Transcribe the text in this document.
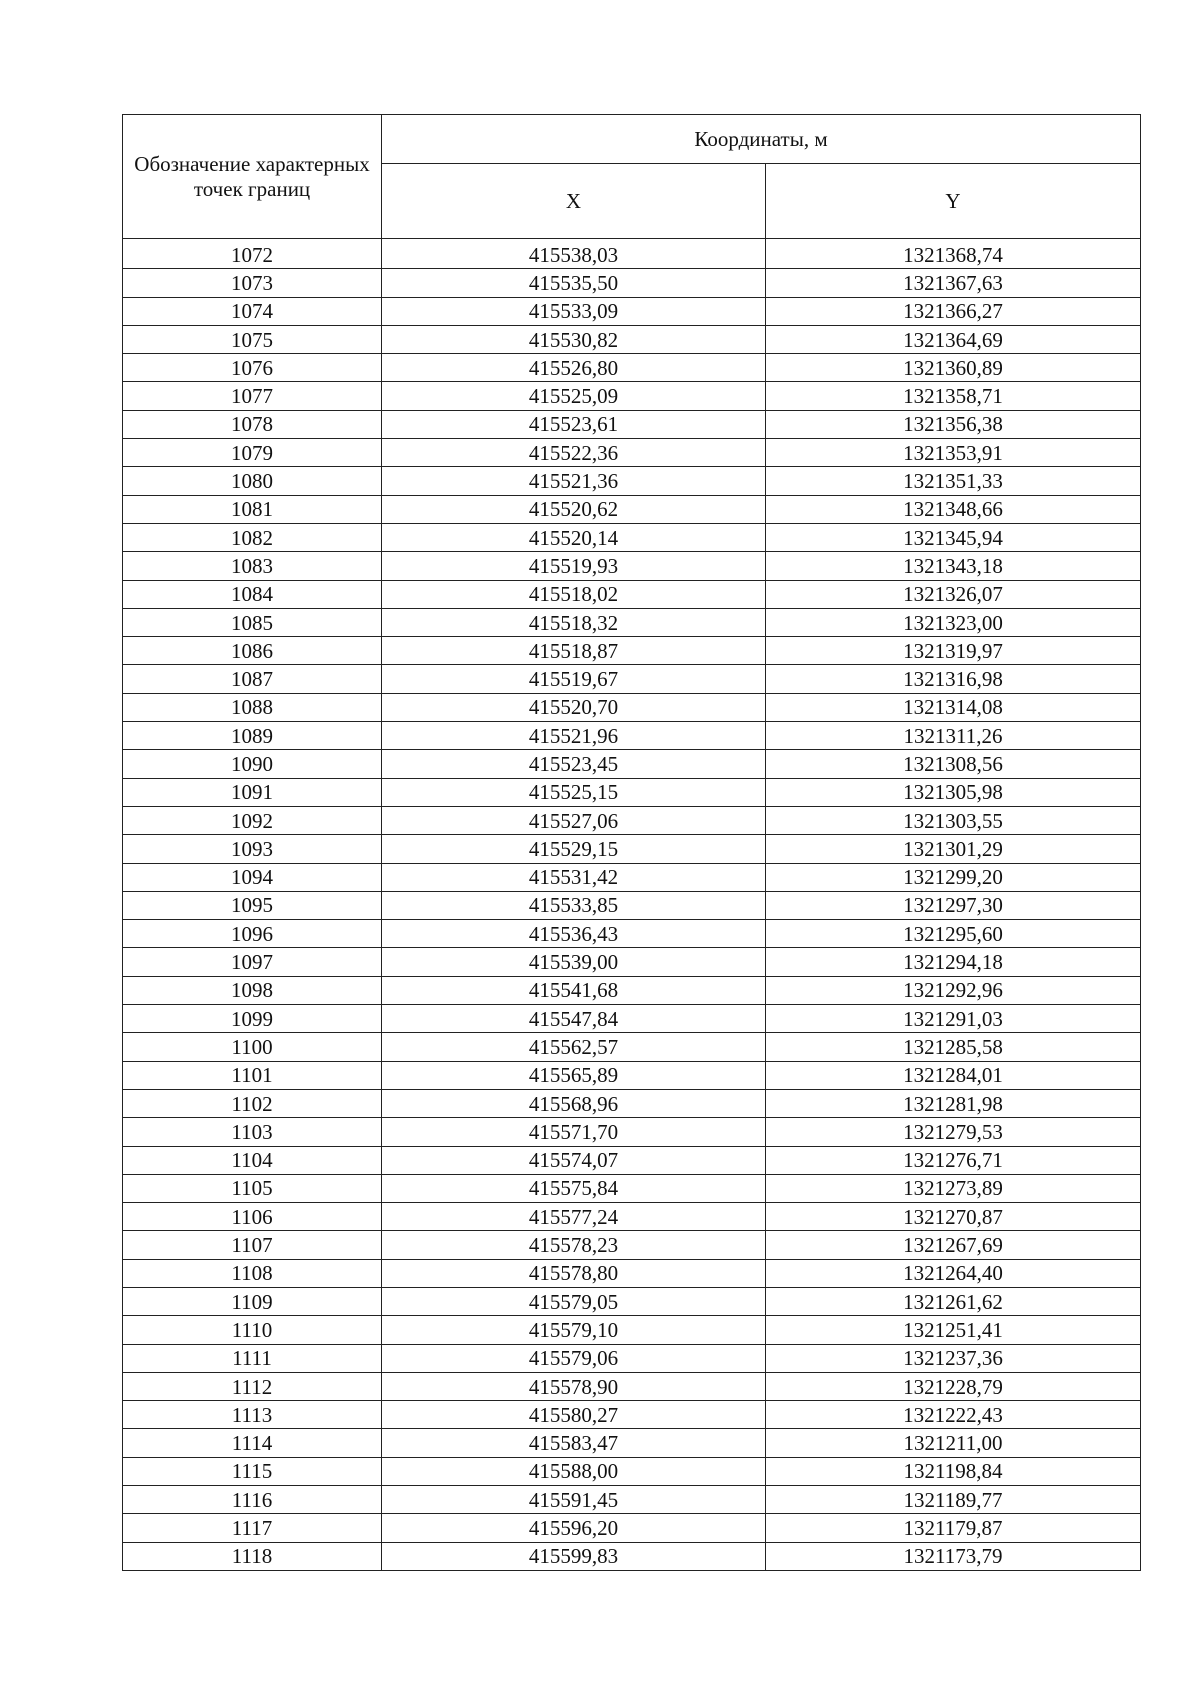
Обозначение характерных точек границ	Координаты, м	
	X	Y
1072	415538,03	1321368,74
1073	415535,50	1321367,63
1074	415533,09	1321366,27
1075	415530,82	1321364,69
1076	415526,80	1321360,89
1077	415525,09	1321358,71
1078	415523,61	1321356,38
1079	415522,36	1321353,91
1080	415521,36	1321351,33
1081	415520,62	1321348,66
1082	415520,14	1321345,94
1083	415519,93	1321343,18
1084	415518,02	1321326,07
1085	415518,32	1321323,00
1086	415518,87	1321319,97
1087	415519,67	1321316,98
1088	415520,70	1321314,08
1089	415521,96	1321311,26
1090	415523,45	1321308,56
1091	415525,15	1321305,98
1092	415527,06	1321303,55
1093	415529,15	1321301,29
1094	415531,42	1321299,20
1095	415533,85	1321297,30
1096	415536,43	1321295,60
1097	415539,00	1321294,18
1098	415541,68	1321292,96
1099	415547,84	1321291,03
1100	415562,57	1321285,58
1101	415565,89	1321284,01
1102	415568,96	1321281,98
1103	415571,70	1321279,53
1104	415574,07	1321276,71
1105	415575,84	1321273,89
1106	415577,24	1321270,87
1107	415578,23	1321267,69
1108	415578,80	1321264,40
1109	415579,05	1321261,62
1110	415579,10	1321251,41
1111	415579,06	1321237,36
1112	415578,90	1321228,79
1113	415580,27	1321222,43
1114	415583,47	1321211,00
1115	415588,00	1321198,84
1116	415591,45	1321189,77
1117	415596,20	1321179,87
1118	415599,83	1321173,79
